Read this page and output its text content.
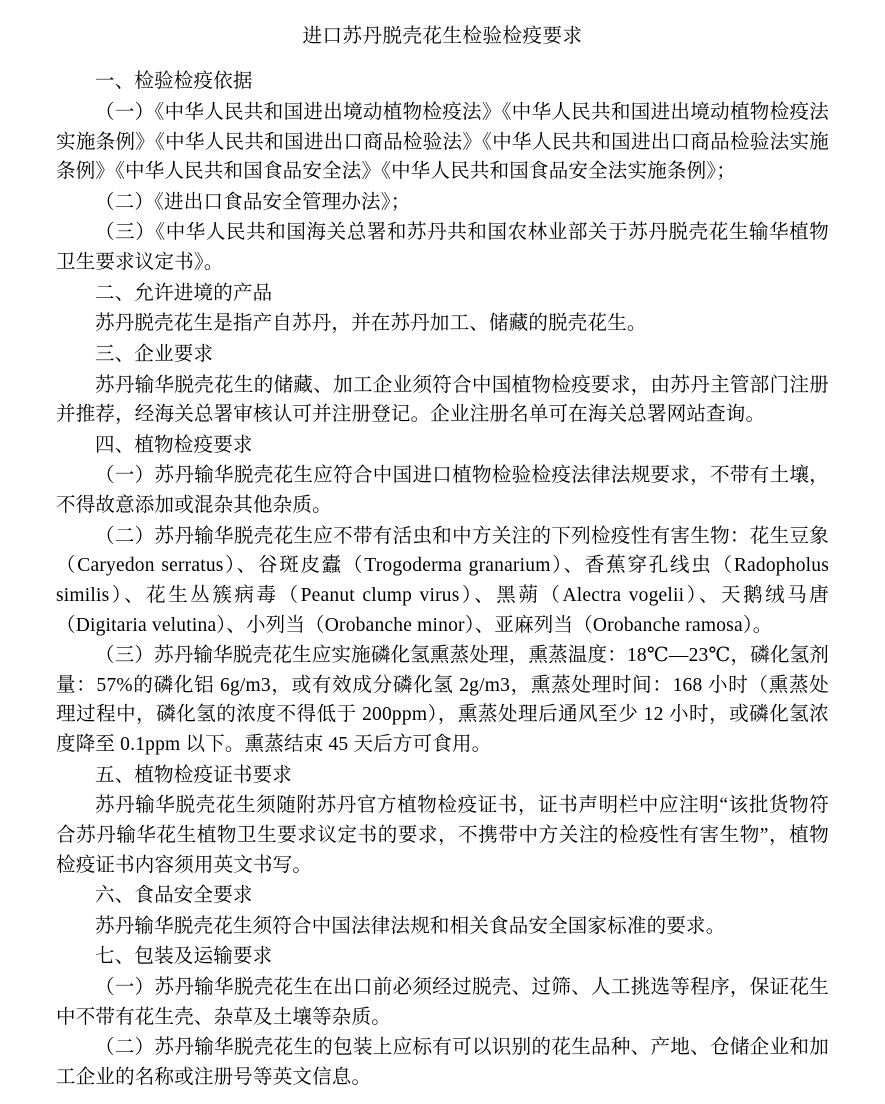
进口苏丹脱壳花生检验检疫要求

一、检验检疫依据

（一）《中华人民共和国进出境动植物检疫法》《中华人民共和国进出境动植物检疫法实施条例》《中华人民共和国进出口商品检验法》《中华人民共和国进出口商品检验法实施条例》《中华人民共和国食品安全法》《中华人民共和国食品安全法实施条例》；

（二）《进出口食品安全管理办法》；

（三）《中华人民共和国海关总署和苏丹共和国农林业部关于苏丹脱壳花生输华植物卫生要求议定书》。

二、允许进境的产品

苏丹脱壳花生是指产自苏丹，并在苏丹加工、储藏的脱壳花生。

三、企业要求

苏丹输华脱壳花生的储藏、加工企业须符合中国植物检疫要求，由苏丹主管部门注册并推荐，经海关总署审核认可并注册登记。企业注册名单可在海关总署网站查询。

四、植物检疫要求

（一）苏丹输华脱壳花生应符合中国进口植物检验检疫法律法规要求，不带有土壤，不得故意添加或混杂其他杂质。

（二）苏丹输华脱壳花生应不带有活虫和中方关注的下列检疫性有害生物：花生豆象（Caryedon serratus）、谷斑皮蠹（Trogoderma granarium）、香蕉穿孔线虫（Radopholus similis）、花生丛簇病毒（Peanut clump virus）、黑蒴（Alectra vogelii）、天鹅绒马唐（Digitaria velutina）、小列当（Orobanche minor）、亚麻列当（Orobanche ramosa）。

（三）苏丹输华脱壳花生应实施磷化氢熏蒸处理，熏蒸温度：18℃—23℃，磷化氢剂量：57%的磷化铝 6g/m3，或有效成分磷化氢 2g/m3，熏蒸处理时间：168 小时（熏蒸处理过程中，磷化氢的浓度不得低于 200ppm），熏蒸处理后通风至少 12 小时，或磷化氢浓度降至 0.1ppm 以下。熏蒸结束 45 天后方可食用。

五、植物检疫证书要求

苏丹输华脱壳花生须随附苏丹官方植物检疫证书，证书声明栏中应注明“该批货物符合苏丹输华花生植物卫生要求议定书的要求，不携带中方关注的检疫性有害生物”，植物检疫证书内容须用英文书写。

六、食品安全要求

苏丹输华脱壳花生须符合中国法律法规和相关食品安全国家标准的要求。

七、包装及运输要求

（一）苏丹输华脱壳花生在出口前必须经过脱壳、过筛、人工挑选等程序，保证花生中不带有花生壳、杂草及土壤等杂质。

（二）苏丹输华脱壳花生的包装上应标有可以识别的花生品种、产地、仓储企业和加工企业的名称或注册号等英文信息。
